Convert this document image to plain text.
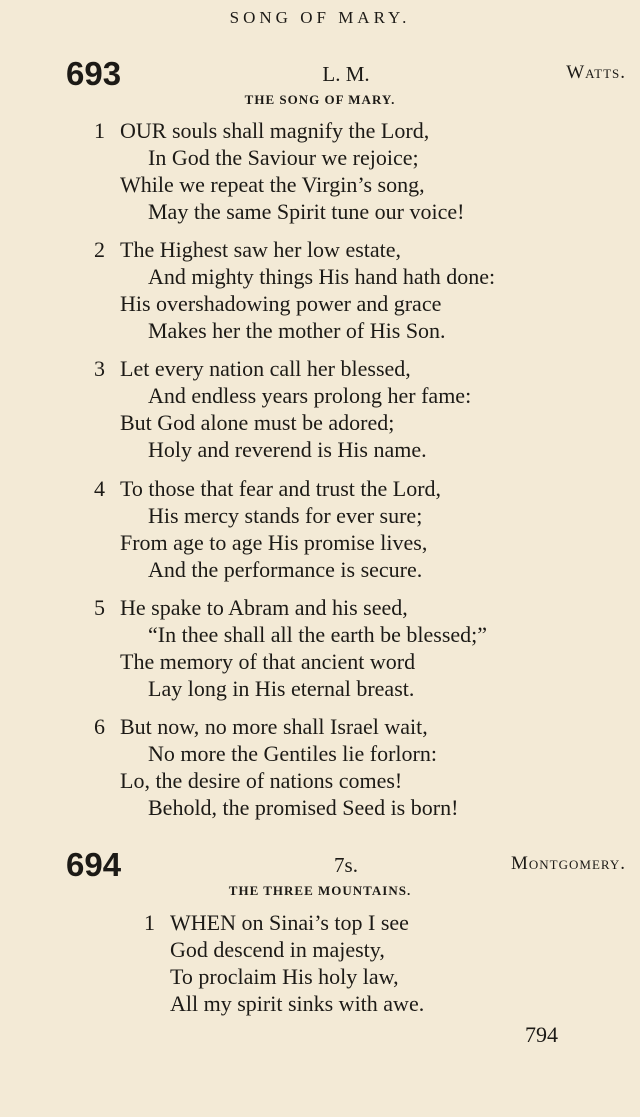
SONG OF MARY.
693	L. M.	Watts.
THE SONG OF MARY.
1 OUR souls shall magnify the Lord,
In God the Saviour we rejoice;
While we repeat the Virgin’s song,
May the same Spirit tune our voice!
2 The Highest saw her low estate,
And mighty things His hand hath done:
His overshadowing power and grace
Makes her the mother of His Son.
3 Let every nation call her blessed,
And endless years prolong her fame:
But God alone must be adored;
Holy and reverend is His name.
4 To those that fear and trust the Lord,
His mercy stands for ever sure;
From age to age His promise lives,
And the performance is secure.
5 He spake to Abram and his seed,
“In thee shall all the earth be blessed;”
The memory of that ancient word
Lay long in His eternal breast.
6 But now, no more shall Israel wait,
No more the Gentiles lie forlorn:
Lo, the desire of nations comes!
Behold, the promised Seed is born!
694	7s.	Montgomery.
THE THREE MOUNTAINS.
1 WHEN on Sinai’s top I see
God descend in majesty,
To proclaim His holy law,
All my spirit sinks with awe.
794
